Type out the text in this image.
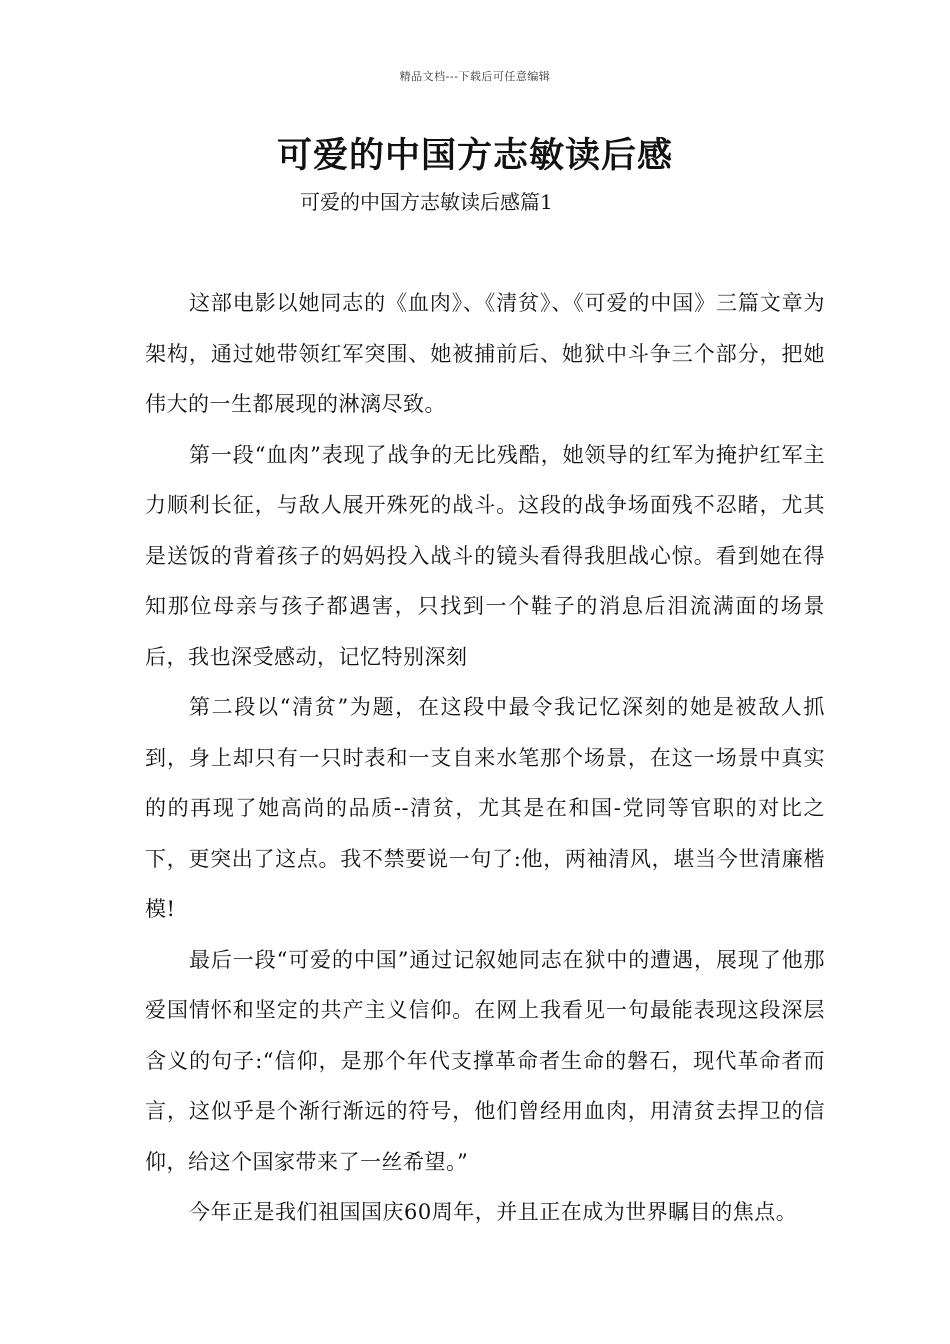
精品文档---下载后可任意编辑
可爱的中国方志敏读后感
可爱的中国方志敏读后感篇1

这部电影以她同志的《血肉》、《清贫》、《可爱的中国》三篇文章为架构，通过她带领红军突围、她被捕前后、她狱中斗争三个部分，把她伟大的一生都展现的淋漓尽致。

第一段“血肉”表现了战争的无比残酷，她领导的红军为掩护红军主力顺利长征，与敌人展开殊死的战斗。这段的战争场面残不忍睹，尤其是送饭的背着孩子的妈妈投入战斗的镜头看得我胆战心惊。看到她在得知那位母亲与孩子都遇害，只找到一个鞋子的消息后泪流满面的场景后，我也深受感动，记忆特别深刻

第二段以“清贫”为题，在这段中最令我记忆深刻的她是被敌人抓到，身上却只有一只时表和一支自来水笔那个场景，在这一场景中真实的的再现了她高尚的品质--清贫，尤其是在和国-党同等官职的对比之下，更突出了这点。我不禁要说一句了:他，两袖清风，堪当今世清廉楷模!

最后一段“可爱的中国”通过记叙她同志在狱中的遭遇，展现了他那爱国情怀和坚定的共产主义信仰。在网上我看见一句最能表现这段深层含义的句子:“信仰，是那个年代支撑革命者生命的磐石，现代革命者而言，这似乎是个渐行渐远的符号，他们曾经用血肉，用清贫去捍卫的信仰，给这个国家带来了一丝希望。”

今年正是我们祖国国庆60周年，并且正在成为世界瞩目的焦点。
